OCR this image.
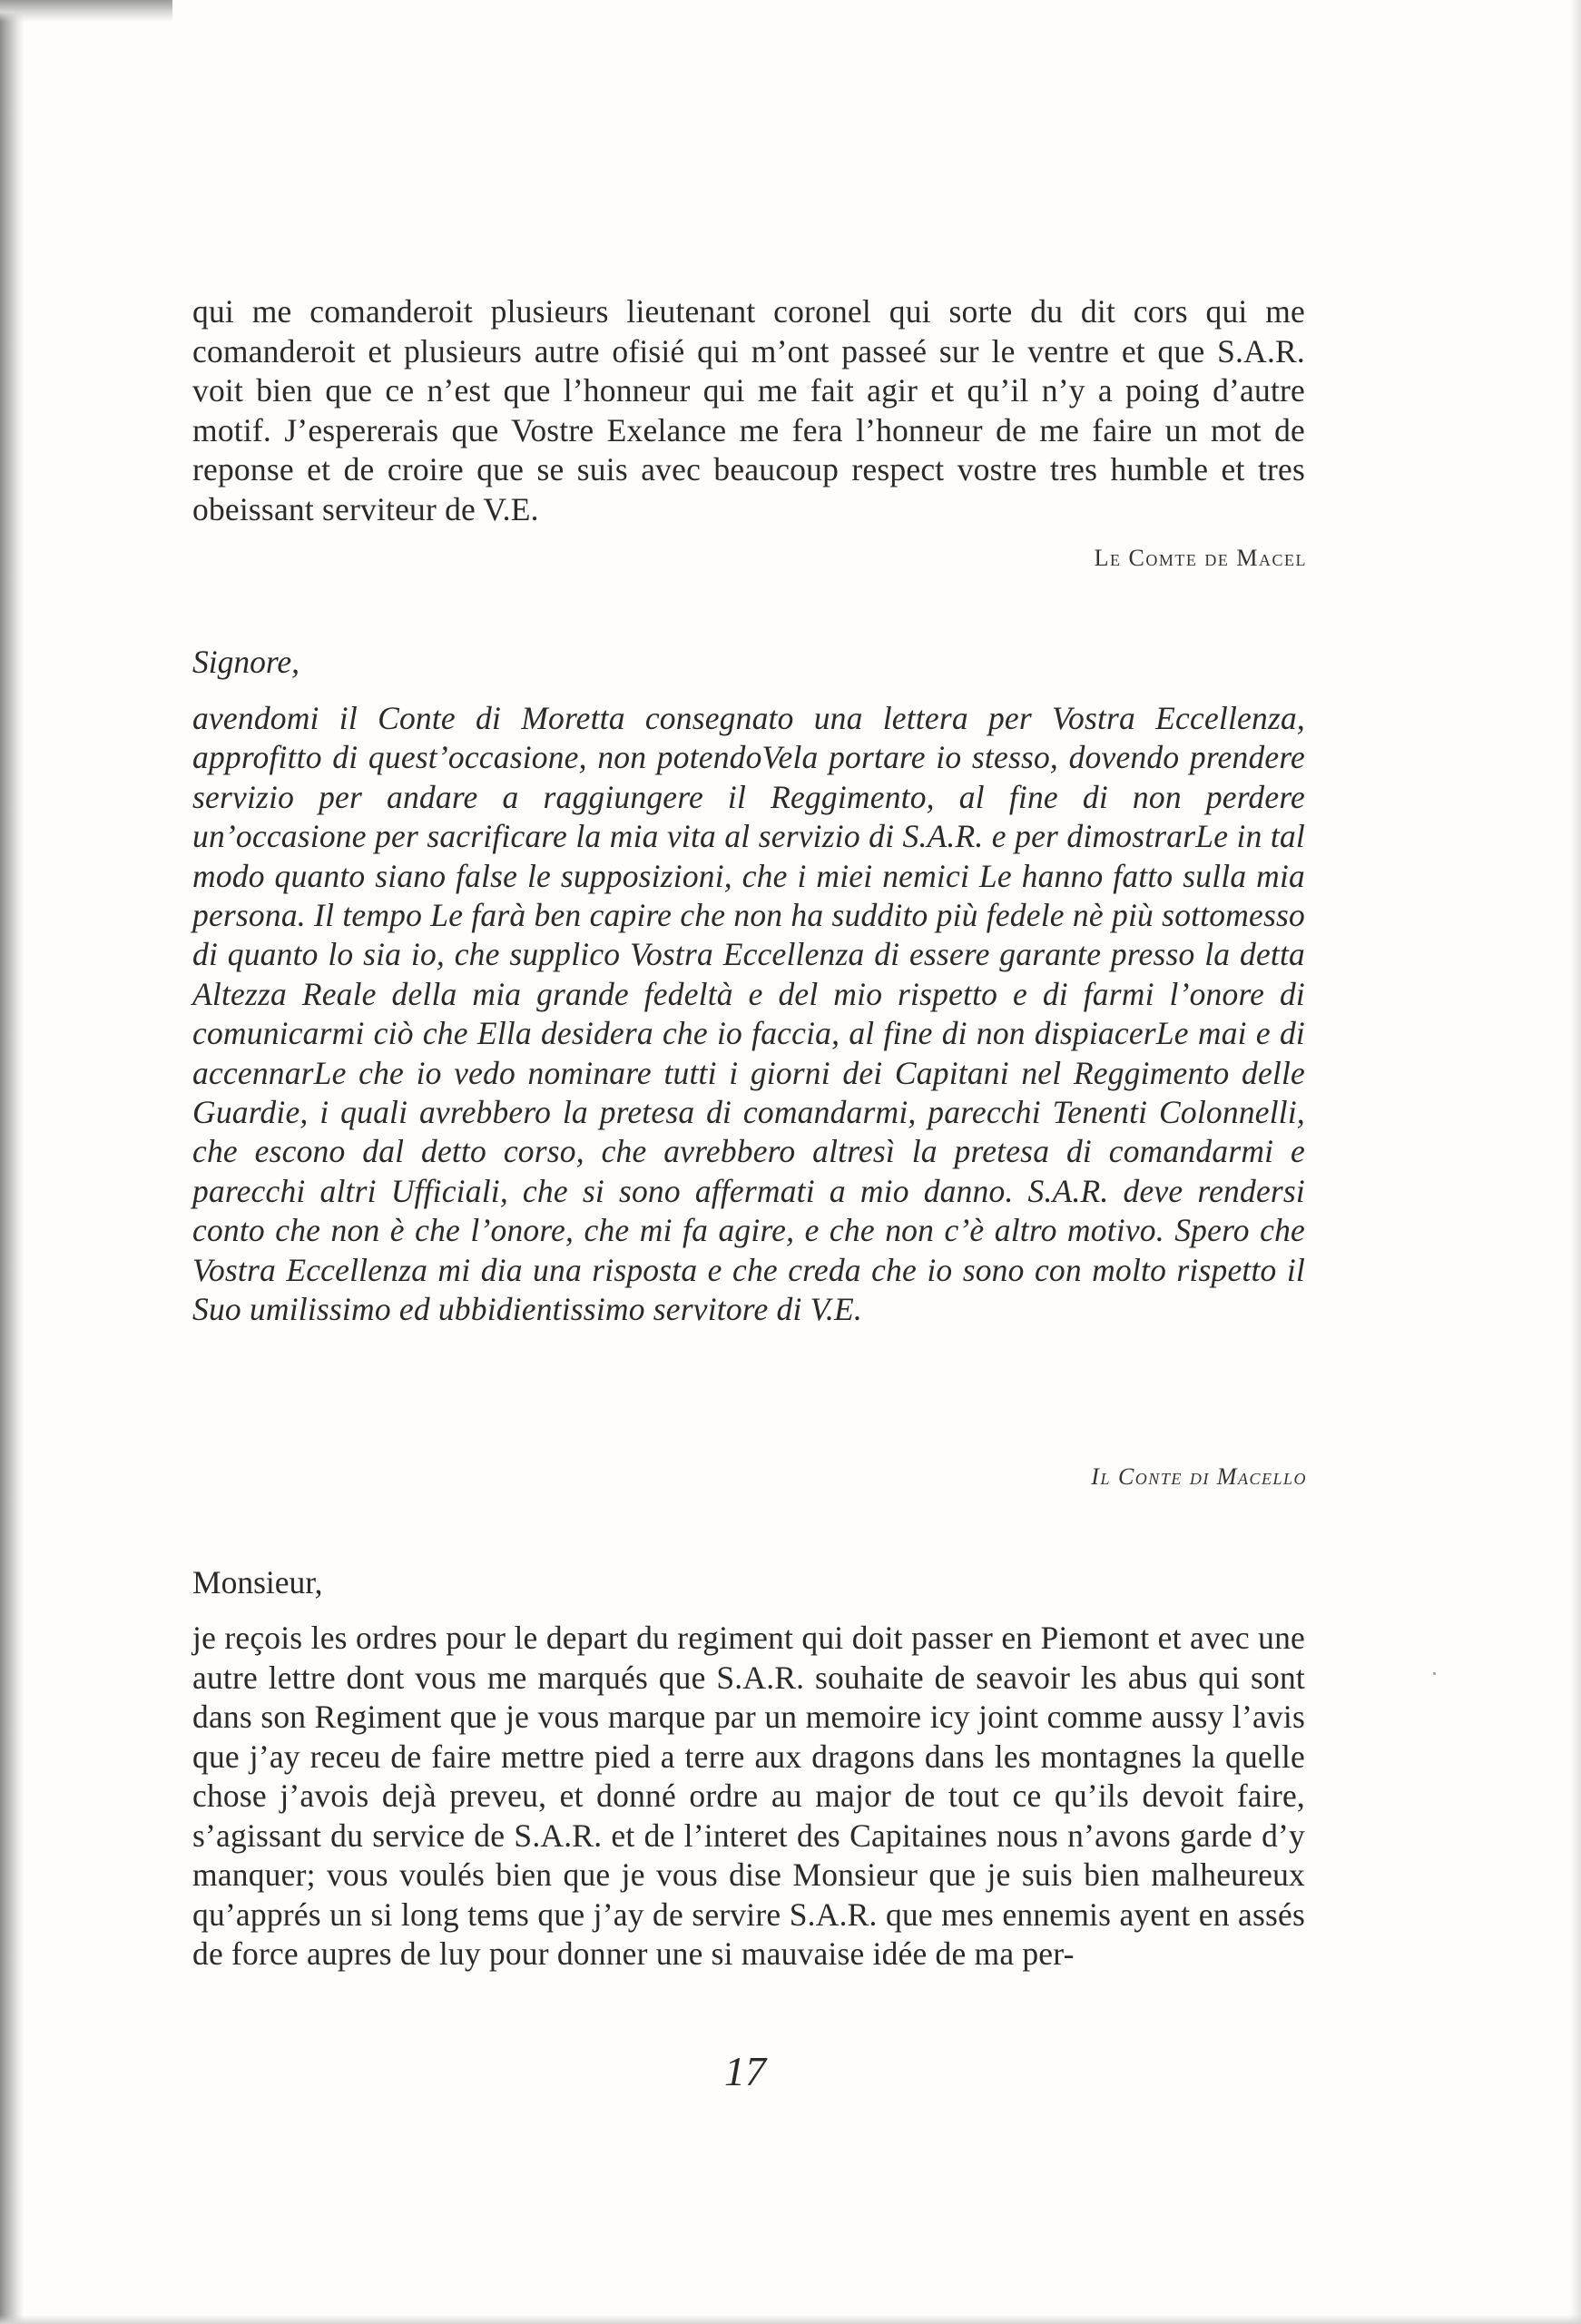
qui me comanderoit plusieurs lieutenant coronel qui sorte du dit cors qui me comanderoit et plusieurs autre ofisié qui m’ont passeé sur le ventre et que S.A.R. voit bien que ce n’est que l’honneur qui me fait agir et qu’il n’y a poing d’autre motif. J’espererais que Vostre Exelance me fera l’honneur de me faire un mot de reponse et de croire que se suis avec beaucoup respect vostre tres humble et tres obeissant serviteur de V.E.

Le Comte de Macel

Signore,

avendomi il Conte di Moretta consegnato una lettera per Vostra Eccellenza, approfitto di quest’occasione, non potendoVela portare io stesso, dovendo prendere servizio per andare a raggiungere il Reggimento, al fine di non perdere un’occasione per sacrificare la mia vita al servizio di S.A.R. e per dimostrarLe in tal modo quanto siano false le supposizioni, che i miei nemici Le hanno fatto sulla mia persona. Il tempo Le farà ben capire che non ha suddito più fedele nè più sottomesso di quanto lo sia io, che supplico Vostra Eccellenza di essere garante presso la detta Altezza Reale della mia grande fedeltà e del mio rispetto e di farmi l’onore di comunicarmi ciò che Ella desidera che io faccia, al fine di non dispiacerLe mai e di accennarLe che io vedo nominare tutti i giorni dei Capitani nel Reggimento delle Guardie, i quali avrebbero la pretesa di comandarmi, parecchi Tenenti Colonnelli, che escono dal detto corso, che avrebbero altresì la pretesa di comandarmi e parecchi altri Ufficiali, che si sono affermati a mio danno. S.A.R. deve rendersi conto che non è che l’onore, che mi fa agire, e che non c’è altro motivo. Spero che Vostra Eccellenza mi dia una risposta e che creda che io sono con molto rispetto il Suo umilissimo ed ubbidientissimo servitore di V.E.

Il Conte di Macello

Monsieur,

je reçois les ordres pour le depart du regiment qui doit passer en Piemont et avec une autre lettre dont vous me marqués que S.A.R. souhaite de seavoir les abus qui sont dans son Regiment que je vous marque par un memoire icy joint comme aussy l’avis que j’ay receu de faire mettre pied a terre aux dragons dans les montagnes la quelle chose j’avois dejà preveu, et donné ordre au major de tout ce qu’ils devoit faire, s’agissant du service de S.A.R. et de l’interet des Capitaines nous n’avons garde d’y manquer; vous voulés bien que je vous dise Monsieur que je suis bien malheureux qu’apprés un si long tems que j’ay de servire S.A.R. que mes ennemis ayent en assés de force aupres de luy pour donner une si mauvaise idée de ma per-

17
